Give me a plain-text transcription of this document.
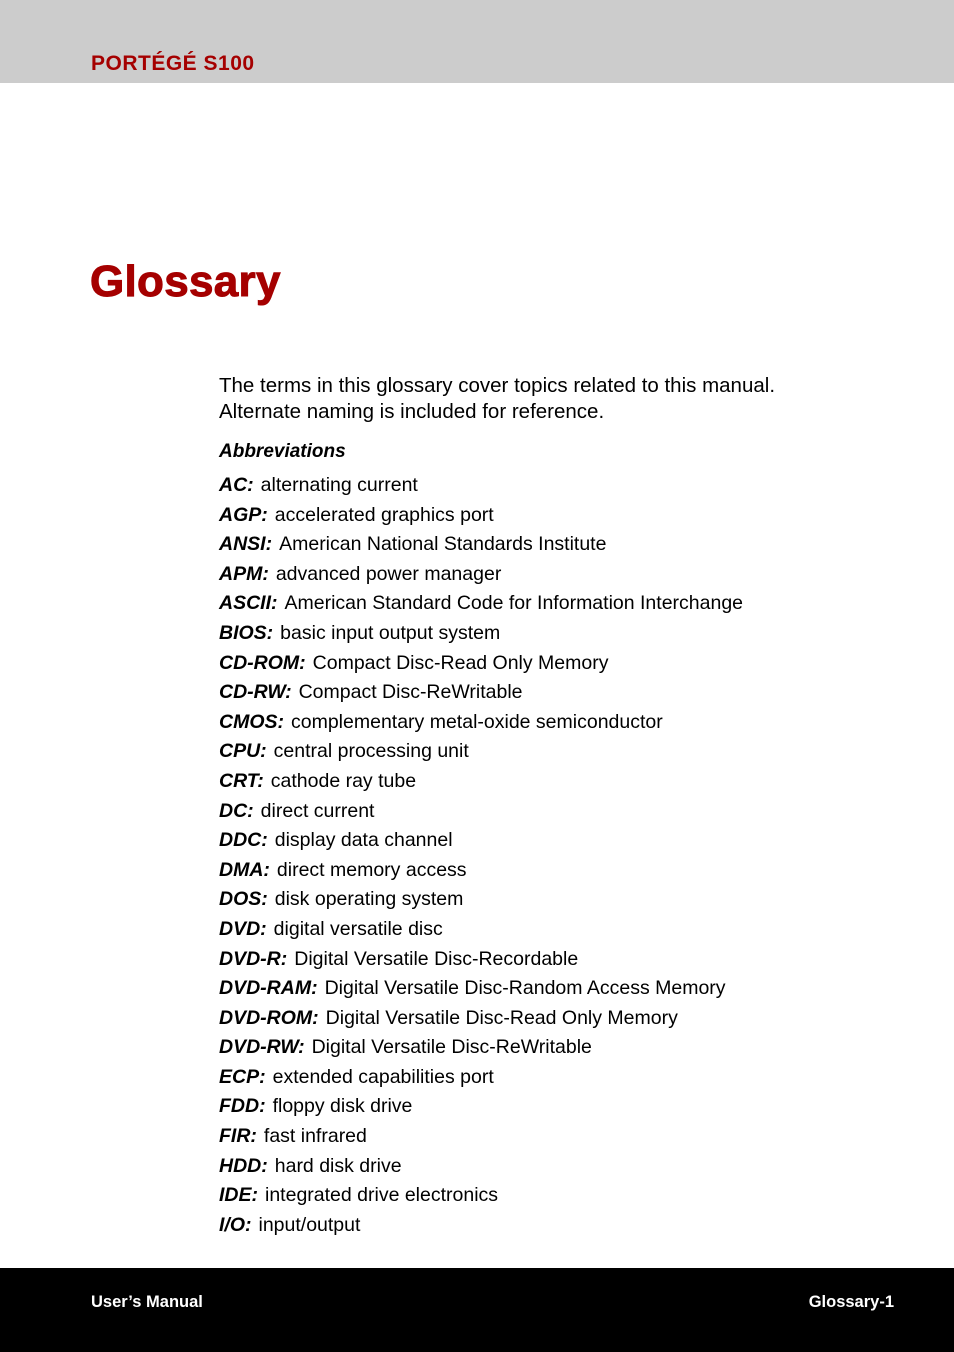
PORTÉGÉ S100
Glossary
The terms in this glossary cover topics related to this manual.
Alternate naming is included for reference.
Abbreviations
AC: alternating current
AGP: accelerated graphics port
ANSI: American National Standards Institute
APM: advanced power manager
ASCII: American Standard Code for Information Interchange
BIOS: basic input output system
CD-ROM: Compact Disc-Read Only Memory
CD-RW: Compact Disc-ReWritable
CMOS: complementary metal-oxide semiconductor
CPU: central processing unit
CRT: cathode ray tube
DC: direct current
DDC: display data channel
DMA: direct memory access
DOS: disk operating system
DVD: digital versatile disc
DVD-R: Digital Versatile Disc-Recordable
DVD-RAM: Digital Versatile Disc-Random Access Memory
DVD-ROM: Digital Versatile Disc-Read Only Memory
DVD-RW: Digital Versatile Disc-ReWritable
ECP: extended capabilities port
FDD: floppy disk drive
FIR: fast infrared
HDD: hard disk drive
IDE: integrated drive electronics
I/O: input/output
User’s Manual	Glossary-1
